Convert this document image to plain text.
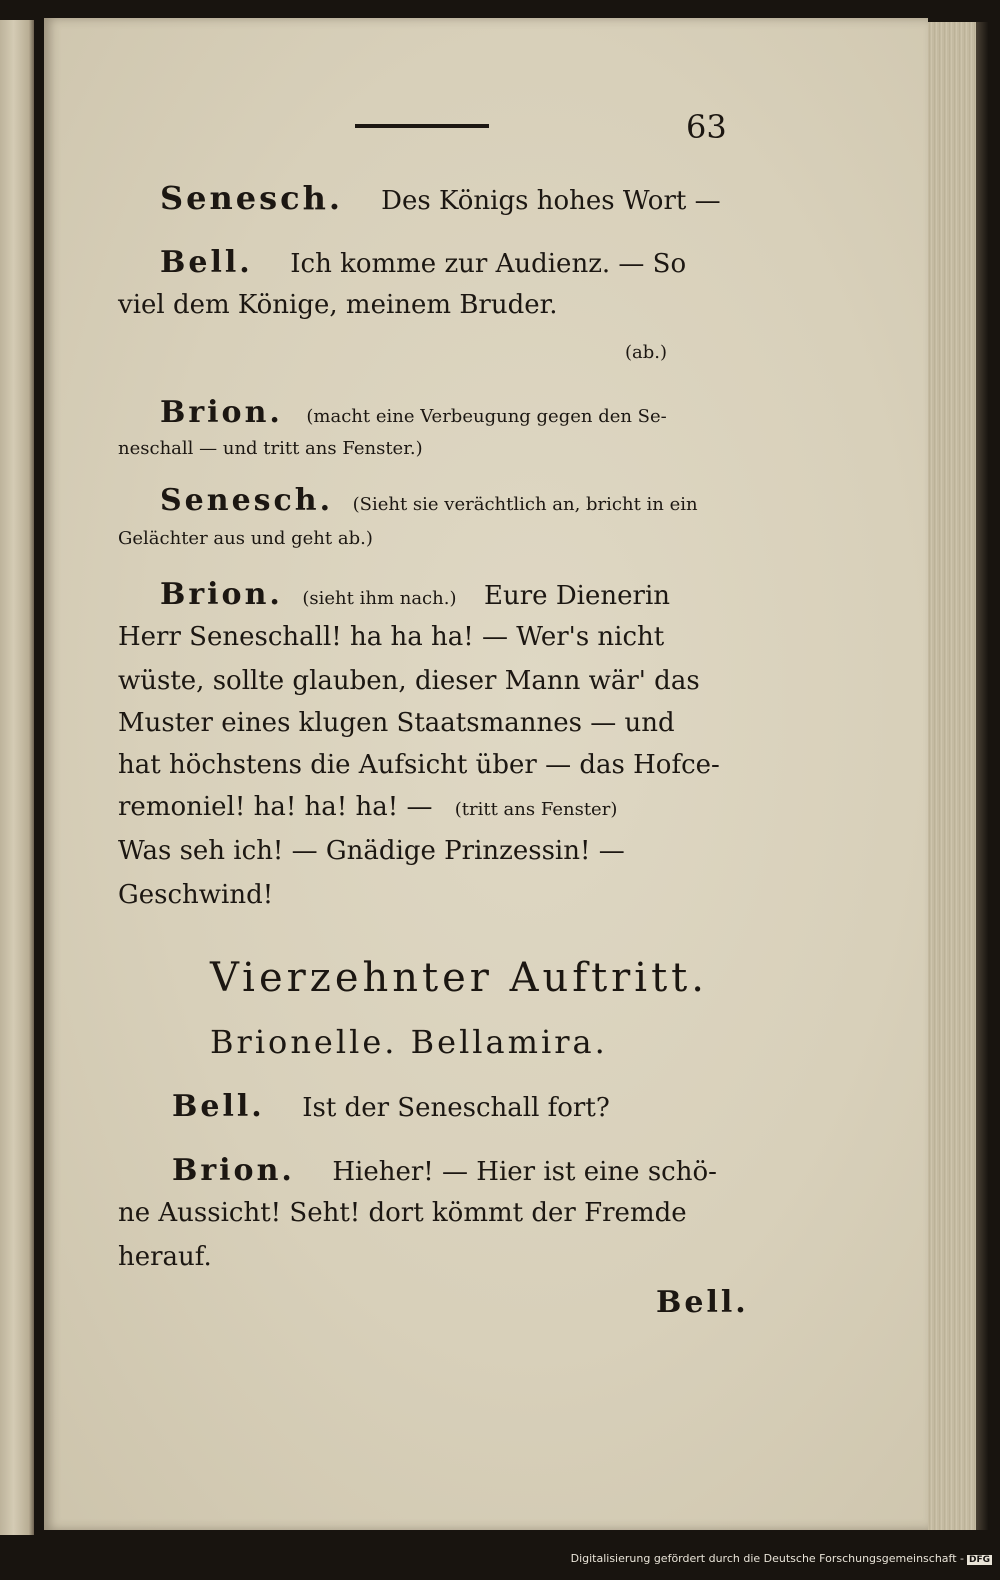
63
Senesch. Des Königs hohes Wort —
Bell. Ich komme zur Audienz. — So
viel dem Könige, meinem Bruder.
(ab.)
Brion. (macht eine Verbeugung gegen den Se-
neschall — und tritt ans Fenster.)
Senesch. (Sieht sie verächtlich an, bricht in ein
Gelächter aus und geht ab.)
Brion. (sieht ihm nach.) Eure Dienerin
Herr Seneschall! ha ha ha! — Wer's nicht
wüste, sollte glauben, dieser Mann wär' das
Muster eines klugen Staatsmannes — und
hat höchstens die Aufsicht über — das Hofce-
remoniel! ha! ha! ha! — (tritt ans Fenster)
Was seh ich! — Gnädige Prinzessin! —
Geschwind!
Vierzehnter Auftritt.
Brionelle. Bellamira.
Bell. Ist der Seneschall fort?
Brion. Hieher! — Hier ist eine schö-
ne Aussicht! Seht! dort kömmt der Fremde
herauf.
Bell.
Digitalisierung gefördert durch die Deutsche Forschungsgemeinschaft - DFG
